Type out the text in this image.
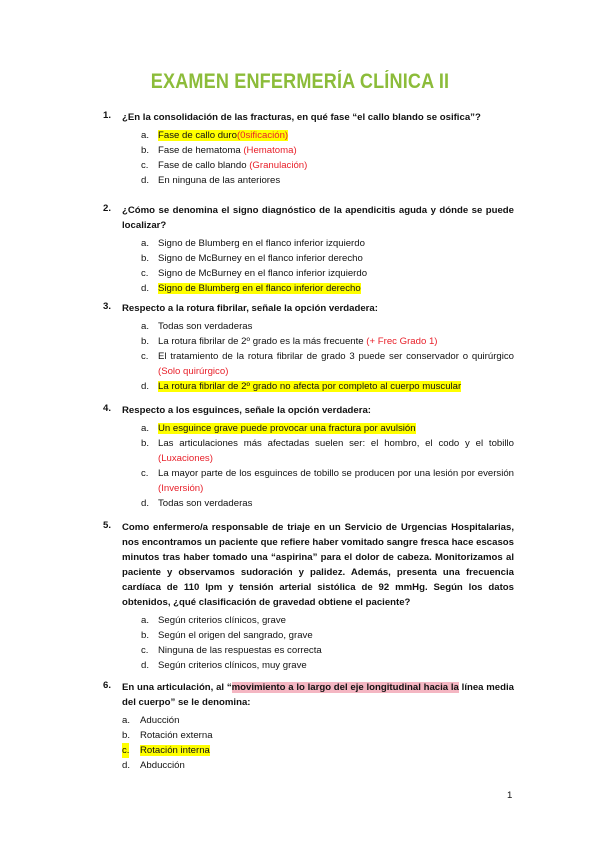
EXAMEN ENFERMERÍA CLÍNICA II
1. ¿En la consolidación de las fracturas, en qué fase “el callo blando se osifica”?
a. Fase de callo duro(0sificación)
b. Fase de hematoma (Hematoma)
c. Fase de callo blando (Granulación)
d. En ninguna de las anteriores
2. ¿Cómo se denomina el signo diagnóstico de la apendicitis aguda y dónde se puede localizar?
a. Signo de Blumberg en el flanco inferior izquierdo
b. Signo de McBurney en el flanco inferior derecho
c. Signo de McBurney en el flanco inferior izquierdo
d. Signo de Blumberg en el flanco inferior derecho
3. Respecto a la rotura fibrilar, señale la opción verdadera:
a. Todas son verdaderas
b. La rotura fibrilar de 2º grado es la más frecuente (+ Frec Grado 1)
c. El tratamiento de la rotura fibrilar de grado 3 puede ser conservador o quirúrgico (Solo quirúrgico)
d. La rotura fibrilar de 2º grado no afecta por completo al cuerpo muscular
4. Respecto a los esguinces, señale la opción verdadera:
a. Un esguince grave puede provocar una fractura por avulsión
b. Las articulaciones más afectadas suelen ser: el hombro, el codo y el tobillo (Luxaciones)
c. La mayor parte de los esguinces de tobillo se producen por una lesión por eversión (Inversión)
d. Todas son verdaderas
5. Como enfermero/a responsable de triaje en un Servicio de Urgencias Hospitalarias, nos encontramos un paciente que refiere haber vomitado sangre fresca hace escasos minutos tras haber tomado una “aspirina” para el dolor de cabeza. Monitorizamos al paciente y observamos sudoración y palidez. Además, presenta una frecuencia cardíaca de 110 lpm y tensión arterial sistólica de 92 mmHg. Según los datos obtenidos, ¿qué clasificación de gravedad obtiene el paciente?
a. Según criterios clínicos, grave
b. Según el origen del sangrado, grave
c. Ninguna de las respuestas es correcta
d. Según criterios clínicos, muy grave
6. En una articulación, al “movimiento a lo largo del eje longitudinal hacia la línea media del cuerpo” se le denomina:
a. Aducción
b. Rotación externa
c. Rotación interna
d. Abducción
1
